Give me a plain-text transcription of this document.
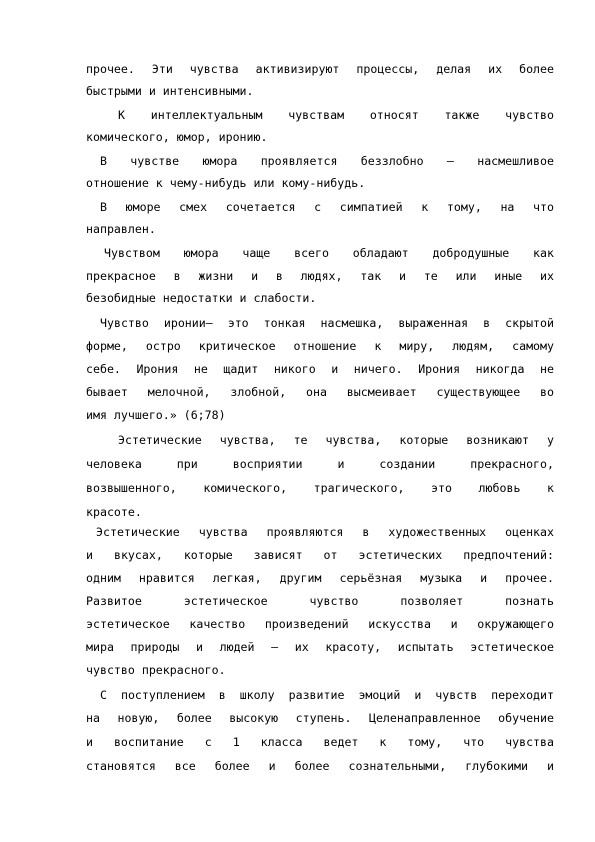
прочее. Эти чувства активизируют процессы, делая их более
быстрыми и интенсивными.
К интеллектуальным чувствам относят также чувство
комического, юмор, иронию.
В чувстве юмора проявляется беззлобно – насмешливое
отношение к чему-нибудь или кому-нибудь.
В юморе смех сочетается с симпатией к тому, на что
направлен.
Чувством юмора чаще всего обладают добродушные как
прекрасное в жизни и в людях, так и те или иные их
безобидные недостатки и слабости.
Чувство иронии– это тонкая насмешка, выраженная в скрытой
форме, остро критическое отношение к миру, людям, самому
себе. Ирония не щадит никого и ничего. Ирония никогда не
бывает мелочной, злобной, она высмеивает существующее во
имя лучшего.» (6;78)
Эстетические чувства, те чувства, которые возникают у
человека при восприятии и создании прекрасного,
возвышенного, комического, трагического, это любовь к
красоте.
Эстетические чувства проявляются в художественных оценках
и вкусах, которые зависят от эстетических предпочтений:
одним нравится легкая, другим серьёзная музыка и прочее.
Развитое эстетическое чувство позволяет познать
эстетическое качество произведений искусства и окружающего
мира природы и людей – их красоту, испытать эстетическое
чувство прекрасного.
С поступлением в школу развитие эмоций и чувств переходит
на новую, более высокую ступень. Целенаправленное обучение
и воспитание с 1 класса ведет к тому, что чувства
становятся все более и более сознательными, глубокими и
